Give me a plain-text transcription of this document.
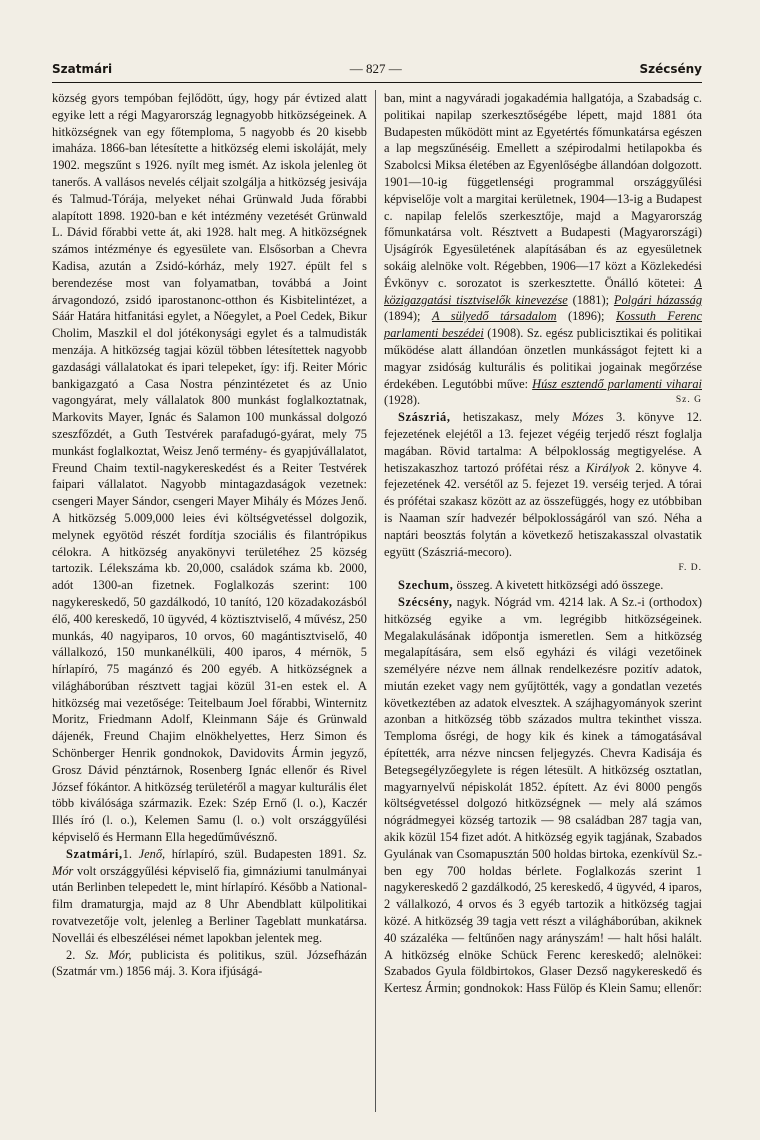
Szatmári	— 827 —	Szécsény

község gyors tempóban fejlődött, úgy, hogy pár évtized alatt egyike lett a régi Magyarország legnagyobb hitközségeinek. A hitközségnek van egy főtemploma, 5 nagyobb és 20 kisebb imaháza. 1866-ban létesítette a hitközség elemi iskoláját, mely 1902. megszűnt s 1926. nyílt meg ismét. Az iskola jelenleg öt tanerős. A vallásos nevelés céljait szolgálja a hitközség jesivája és Talmud-Tórája, melyeket néhai Grünwald Juda főrabbi alapított 1898. 1920-ban e két intézmény vezetését Grünwald L. Dávid főrabbi vette át, aki 1928. halt meg. A hitközségnek számos intézménye és egyesülete van. Elsősorban a Chevra Kadisa, azután a Zsidó-kórház, mely 1927. épült fel s berendezése most van folyamatban, továbbá a Joint árvagondozó, zsidó iparostanonc-otthon és Kisbitelintézet, a Sáár Határa hitfanitási egylet, a Nőegylet, a Poel Cedek, Bikur Cholim, Maszkil el dol jótékonysági egylet és a talmudisták menzája. A hitközség tagjai közül többen létesítettek nagyobb gazdasági vállalatokat és ipari telepeket, így: ifj. Reiter Móric bankigazgató a Casa Nostra pénzintézetet és az Unio vagongyárat, mely vállalatok 800 munkást foglalkoztatnak, Markovits Mayer, Ignác és Salamon 100 munkással dolgozó szeszfőzdét, a Guth Testvérek parafadugó-gyárat, mely 75 munkást foglalkoztat, Weisz Jenő termény- és gyapjúvállalatot, Freund Chaim textil-nagykereskedést és a Reiter Testvérek faipari vállalatot. Nagyobb mintagazdaságok vezetnek: csengeri Mayer Sándor, csengeri Mayer Mihály és Mózes Jenő. A hitközség 5.009,000 leies évi költségvetéssel dolgozik, melynek egyötöd részét fordítja szociális és filantrópikus célokra. A hitközség anyakönyvi területéhez 25 község tartozik. Lélekszáma kb. 20,000, családok száma kb. 2000, adót 1300-an fizetnek. Foglalkozás szerint: 100 nagykereskedő, 50 gazdálkodó, 10 tanító, 120 közadakozásból élő, 400 kereskedő, 10 ügyvéd, 4 köztisztviselő, 4 művész, 250 munkás, 40 nagyiparos, 10 orvos, 60 magántisztviselő, 40 vállalkozó, 150 munkanélküli, 400 iparos, 4 mérnök, 5 hírlapíró, 75 magánzó és 200 egyéb. A hitközségnek a világháborúban résztvett tagjai közül 31-en estek el. A hitközség mai vezetősége: Teitelbaum Joel főrabbi, Winternitz Moritz, Friedmann Adolf, Kleinmann Sáje és Grünwald dájenék, Freund Chajim elnökhelyettes, Herz Simon és Schönberger Henrik gondnokok, Davidovits Ármin jegyző, Grosz Dávid pénztárnok, Rosenberg Ignác ellenőr és Rivel József fókántor. A hitközség területéről a magyar kulturális élet több kiválósága származik. Ezek: Szép Ernő (l. o.), Kaczér Illés író (l. o.), Kelemen Samu (l. o.) volt országgyűlési képviselő és Hermann Ella hegedűművésznő.

Szatmári,1. Jenő, hírlapíró, szül. Budapesten 1891. Sz. Mór volt országgyűlési képviselő fia, gimnáziumi tanulmányai után Berlinben telepedett le, mint hírlapíró. Később a National-film dramaturgja, majd az 8 Uhr Abendblatt külpolitikai rovatvezetője volt, jelenleg a Berliner Tageblatt munkatársa. Novellái és elbeszélései német lapokban jelentek meg.

2. Sz. Mór, publicista és politikus, szül. Józsefházán (Szatmár vm.) 1856 máj. 3. Kora ifjúságá-

ban, mint a nagyváradi jogakadémia hallgatója, a Szabadság c. politikai napilap szerkesztőségébe lépett, majd 1881 óta Budapesten működött mint az Egyetértés főmunkatársa egészen a lap megszűnéséig. Emellett a szépirodalmi hetilapokba és Szabolcsi Miksa életében az Egyenlőségbe állandóan dolgozott. 1901—10-ig függetlenségi programmal országgyűlési képviselője volt a margitai kerületnek, 1904—13-ig a Budapest c. napilap felelős szerkesztője, majd a Magyarország főmunkatársa volt. Résztvett a Budapesti (Magyarországi) Ujságírók Egyesületének alapításában és az egyesületnek sokáig alelnöke volt. Régebben, 1906—17 közt a Közlekedési Évkönyv c. sorozatot is szerkesztette. Önálló kötetei: A közigazgatási tisztviselők kinevezése (1881); Polgári házasság (1894); A sülyedő társadalom (1896); Kossuth Ferenc parlamenti beszédei (1908). Sz. egész publicisztikai és politikai működése alatt állandóan önzetlen munkásságot fejtett ki a magyar zsidóság kulturális és politikai jogainak megőrzése érdekében. Legutóbbi műve: Húsz esztendő parlamenti viharai (1928).	Sz. G

Szászriá, hetiszakasz, mely Mózes 3. könyve 12. fejezetének elejétől a 13. fejezet végéig terjedő részt foglalja magában. Rövid tartalma: A bélpoklosság megtigyelése. A hetiszakaszhoz tartozó prófétai rész a Királyok 2. könyve 4. fejezetének 42. versétől az 5. fejezet 19. verséig terjed. A tórai és prófétai szakasz között az az összefüggés, hogy ez utóbbiban is Naaman szír hadvezér bélpoklosságáról van szó. Néha a naptári beosztás folytán a következő hetiszakasszal olvastatik együtt (Szászriá-mecoro).
F. D.

Szechum, összeg. A kivetett hitközségi adó összege.

Szécsény, nagyk. Nógrád vm. 4214 lak. A Sz.-i (orthodox) hitközség egyike a vm. legrégibb hitközségeinek. Megalakulásának időpontja ismeretlen. Sem a hitközség megalapítására, sem első egyházi és világi vezetőinek személyére nézve nem állnak rendelkezésre pozitív adatok, miután ezeket vagy nem gyűjtötték, vagy a gondatlan vezetés következtében az adatok elvesztek. A szájhagyományok szerint azonban a hitközség több százados multra tekinthet vissza. Temploma ősrégi, de hogy kik és kinek a támogatásával építették, arra nézve nincsen feljegyzés. Chevra Kadisája és Betegsegélyzőegylete is régen létesült. A hitközség osztatlan, magyarnyelvű népiskolát 1852. épített. Az évi 8000 pengős költségvetéssel dolgozó hitközségnek — mely alá számos nógrádmegyei község tartozik — 98 családban 287 tagja van, akik közül 154 fizet adót. A hitközség egyik tagjának, Szabados Gyulának van Csomapusztán 500 holdas birtoka, ezenkívül Sz.-ben egy 700 holdas bérlete. Foglalkozás szerint 1 nagykereskedő 2 gazdálkodó, 25 kereskedő, 4 ügyvéd, 4 iparos, 2 vállalkozó, 4 orvos és 3 egyéb tartozik a hitközség tagjai közé. A hitközség 39 tagja vett részt a világháborúban, akiknek 40 százaléka — feltűnően nagy arányszám! — halt hősi halált. A hitközség elnöke Schück Ferenc kereskedő; alelnökei: Szabados Gyula földbirtokos, Glaser Dezső nagykereskedő és Kertesz Ármin; gondnokok: Hass Fülöp és Klein Samu; ellenőr:
